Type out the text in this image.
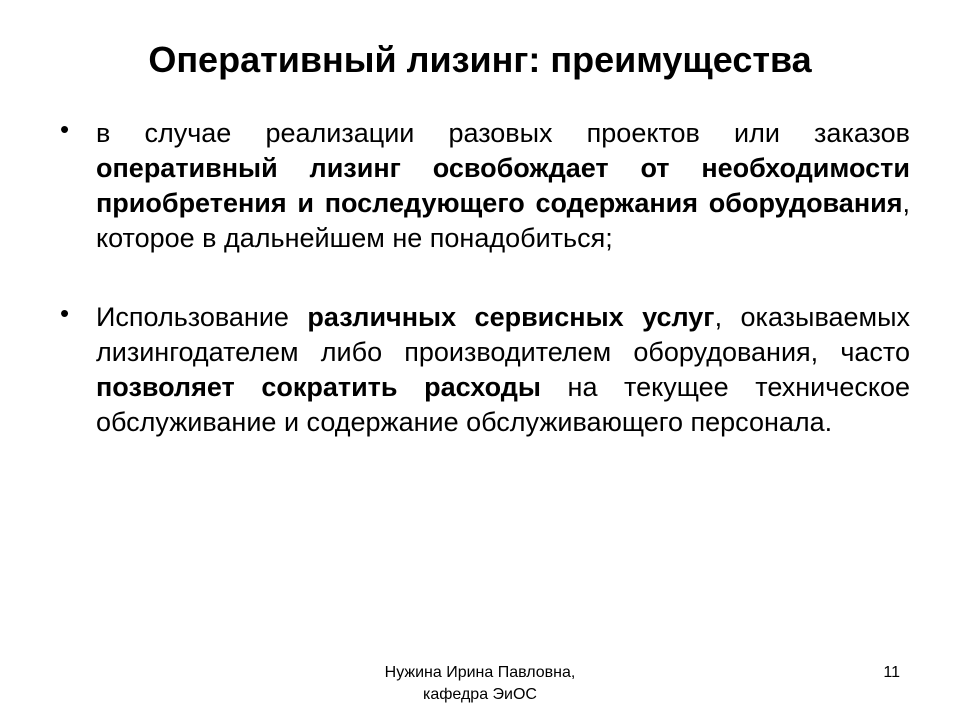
Оперативный лизинг: преимущества
• в случае реализации разовых проектов или заказов оперативный лизинг освобождает от необходимости приобретения и последующего содержания оборудования, которое в дальнейшем не понадобиться;

• Использование различных сервисных услуг, оказываемых лизингодателем либо производителем оборудования, часто позволяет сократить расходы на текущее техническое обслуживание и содержание обслуживающего персонала.

Нужина Ирина Павловна,
кафедра ЭиОС
11
